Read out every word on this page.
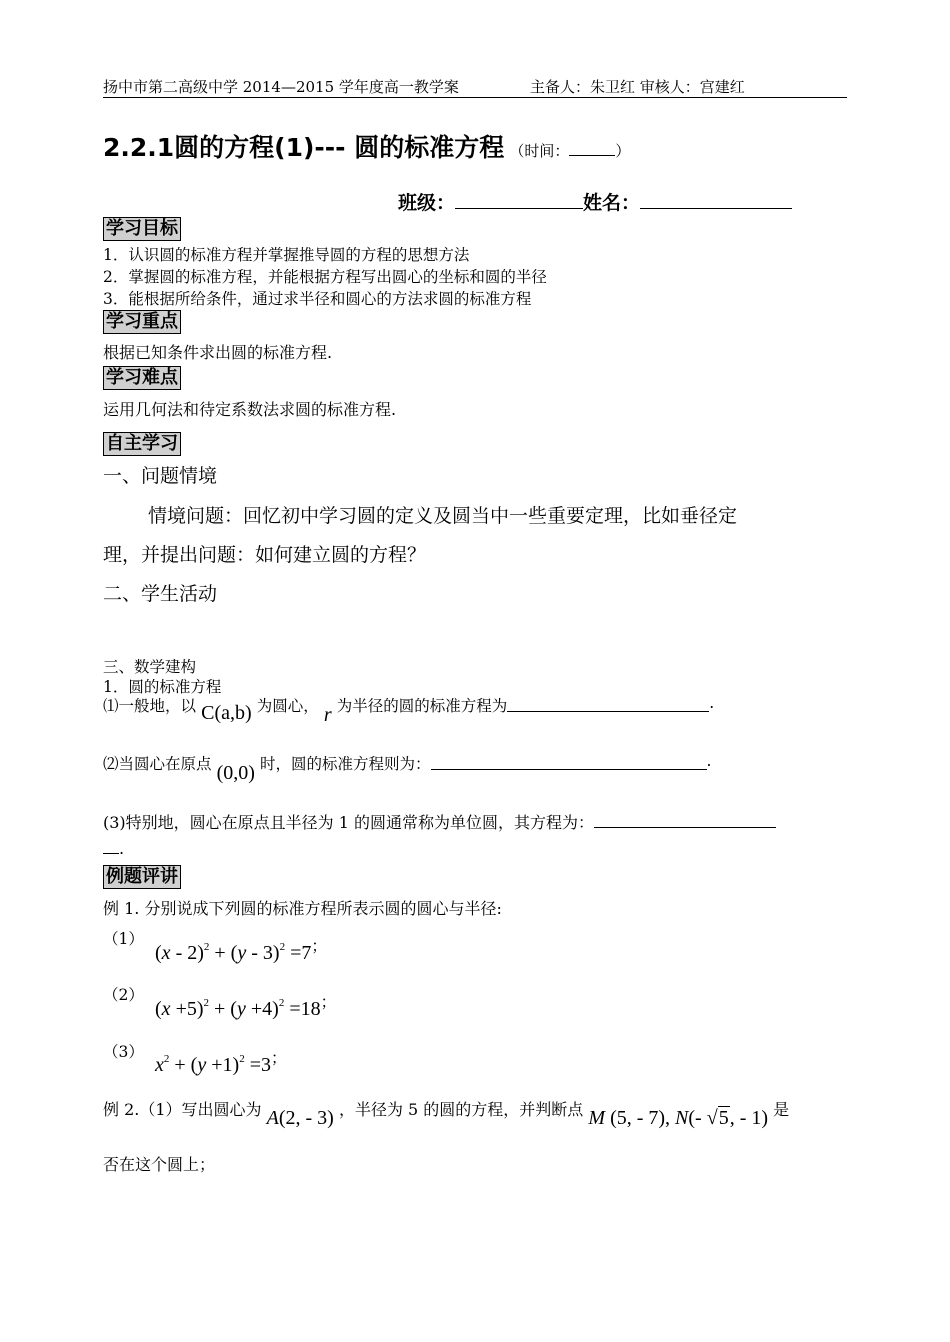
扬中市第二高级中学 2014—2015 学年度高一教学案	主备人：朱卫红 审核人：宫建红
2.2.1圆的方程(1)--- 圆的标准方程 （时间：	）
班级：	姓名：
学习目标
1．认识圆的标准方程并掌握推导圆的方程的思想方法
2．掌握圆的标准方程，并能根据方程写出圆心的坐标和圆的半径
3．能根据所给条件，通过求半径和圆心的方法求圆的标准方程
学习重点
根据已知条件求出圆的标准方程.
学习难点
运用几何法和待定系数法求圆的标准方程.
自主学习
一、问题情境
情境问题：回忆初中学习圆的定义及圆当中一些重要定理，比如垂径定
理，并提出问题：如何建立圆的方程？
二、学生活动
三、数学建构
1．圆的标准方程
⑴一般地，以 C(a,b) 为圆心， r 为半径的圆的标准方程为	.
⑵当圆心在原点 (0,0) 时，圆的标准方程则为：	.
(3)特别地，圆心在原点且半径为 1 的圆通常称为单位圆，其方程为：
.
例题评讲
例 1. 分别说成下列圆的标准方程所表示圆的圆心与半径:
（1）
(x - 2)$^2$ + (y - 3)$^2$ =7；
（2）
$(x +5)^2 + (y +4)^2 =18^;$
（3）
$x^2 + (y +1)^2 =3^;$
例 2.（1）写出圆心为 A(2, - 3) ，半径为 5 的圆的方程，并判断点 M (5, - 7), N(- √5, - 1) 是
否在这个圆上；
